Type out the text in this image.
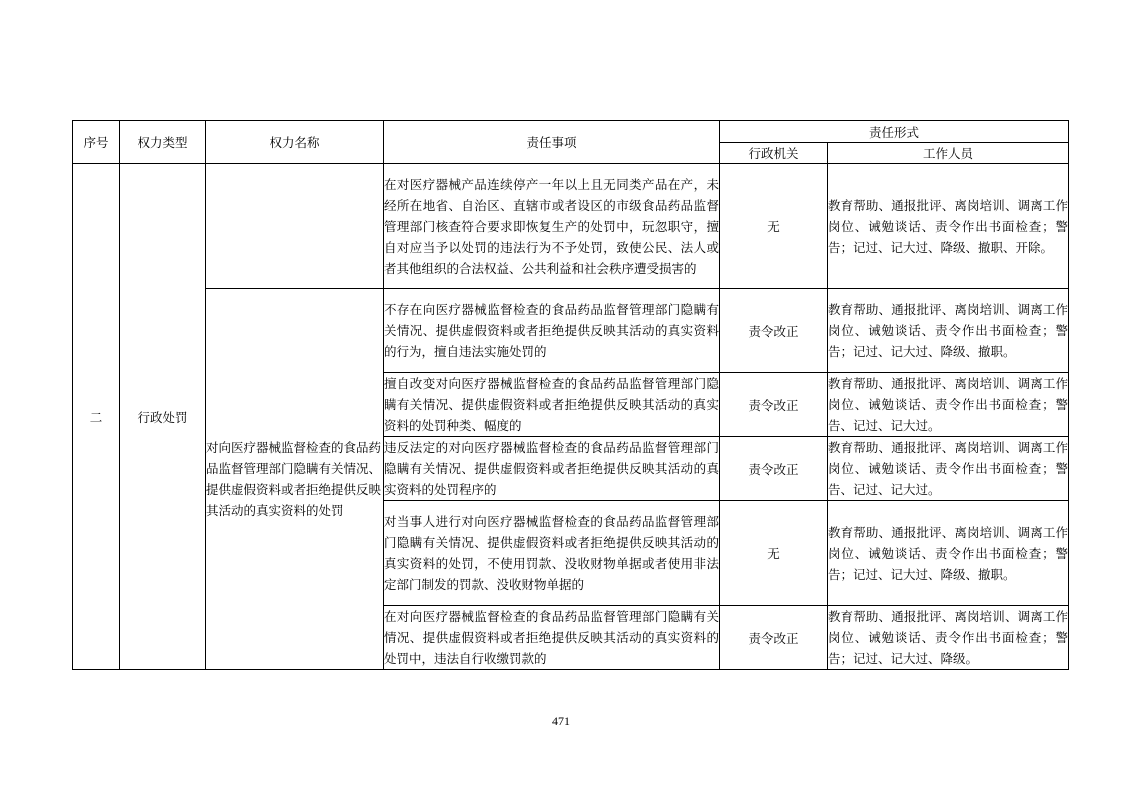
序号	权力类型	权力名称	责任事项	责任形式	
				行政机关	工作人员
二	行政处罚		在对医疗器械产品连续停产一年以上且无同类产品在产，未经所在地省、自治区、直辖市或者设区的市级食品药品监督管理部门核查符合要求即恢复生产的处罚中，玩忽职守，擅自对应当予以处罚的违法行为不予处罚，致使公民、法人或者其他组织的合法权益、公共利益和社会秩序遭受损害的	无	教育帮助、通报批评、离岗培训、调离工作岗位、诫勉谈话、责令作出书面检查；警告；记过、记大过、降级、撤职、开除。
		对向医疗器械监督检查的食品药品监督管理部门隐瞒有关情况、提供虚假资料或者拒绝提供反映其活动的真实资料的处罚	不存在向医疗器械监督检查的食品药品监督管理部门隐瞒有关情况、提供虚假资料或者拒绝提供反映其活动的真实资料的行为，擅自违法实施处罚的	责令改正	教育帮助、通报批评、离岗培训、调离工作岗位、诫勉谈话、责令作出书面检查；警告；记过、记大过、降级、撤职。
			擅自改变对向医疗器械监督检查的食品药品监督管理部门隐瞒有关情况、提供虚假资料或者拒绝提供反映其活动的真实资料的处罚种类、幅度的	责令改正	教育帮助、通报批评、离岗培训、调离工作岗位、诫勉谈话、责令作出书面检查；警告、记过、记大过。
			违反法定的对向医疗器械监督检查的食品药品监督管理部门隐瞒有关情况、提供虚假资料或者拒绝提供反映其活动的真实资料的处罚程序的	责令改正	教育帮助、通报批评、离岗培训、调离工作岗位、诫勉谈话、责令作出书面检查；警告、记过、记大过。
			对当事人进行对向医疗器械监督检查的食品药品监督管理部门隐瞒有关情况、提供虚假资料或者拒绝提供反映其活动的真实资料的处罚，不使用罚款、没收财物单据或者使用非法定部门制发的罚款、没收财物单据的	无	教育帮助、通报批评、离岗培训、调离工作岗位、诫勉谈话、责令作出书面检查；警告；记过、记大过、降级、撤职。
			在对向医疗器械监督检查的食品药品监督管理部门隐瞒有关情况、提供虚假资料或者拒绝提供反映其活动的真实资料的处罚中，违法自行收缴罚款的	责令改正	教育帮助、通报批评、离岗培训、调离工作岗位、诫勉谈话、责令作出书面检查；警告；记过、记大过、降级。
471
